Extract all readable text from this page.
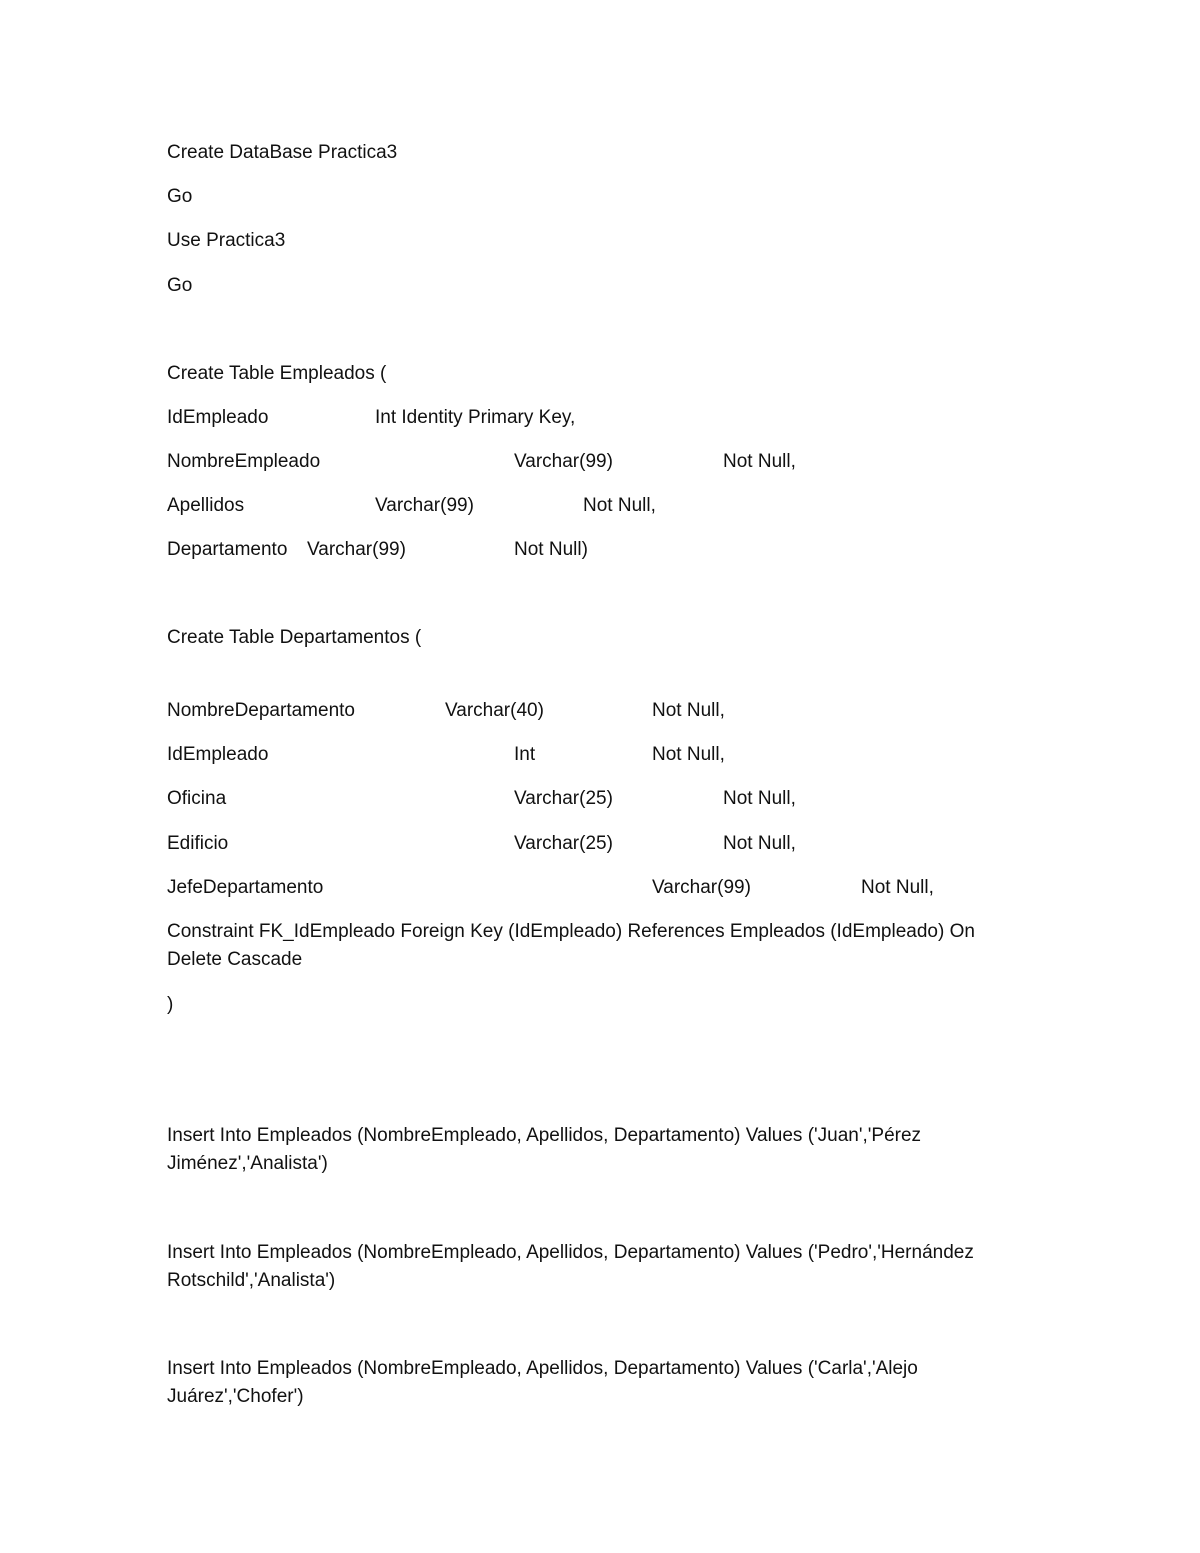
Create DataBase Practica3
Go
Use Practica3
Go
Create Table Empleados (
IdEmpleado	Int Identity Primary Key,
NombreEmpleado	Varchar(99)	Not Null,
Apellidos	Varchar(99)	Not Null,
Departamento Varchar(99)	Not Null)
Create Table Departamentos (
NombreDepartamento	Varchar(40)	Not Null,
IdEmpleado	Int	Not Null,
Oficina	Varchar(25)	Not Null,
Edificio	Varchar(25)	Not Null,
JefeDepartamento	Varchar(99)	Not Null,
Constraint FK_IdEmpleado Foreign Key (IdEmpleado) References Empleados (IdEmpleado) On
Delete Cascade
)
Insert Into Empleados (NombreEmpleado, Apellidos, Departamento) Values ('Juan','Pérez
Jiménez','Analista')
Insert Into Empleados (NombreEmpleado, Apellidos, Departamento) Values ('Pedro','Hernández
Rotschild','Analista')
Insert Into Empleados (NombreEmpleado, Apellidos, Departamento) Values ('Carla','Alejo
Juárez','Chofer')
